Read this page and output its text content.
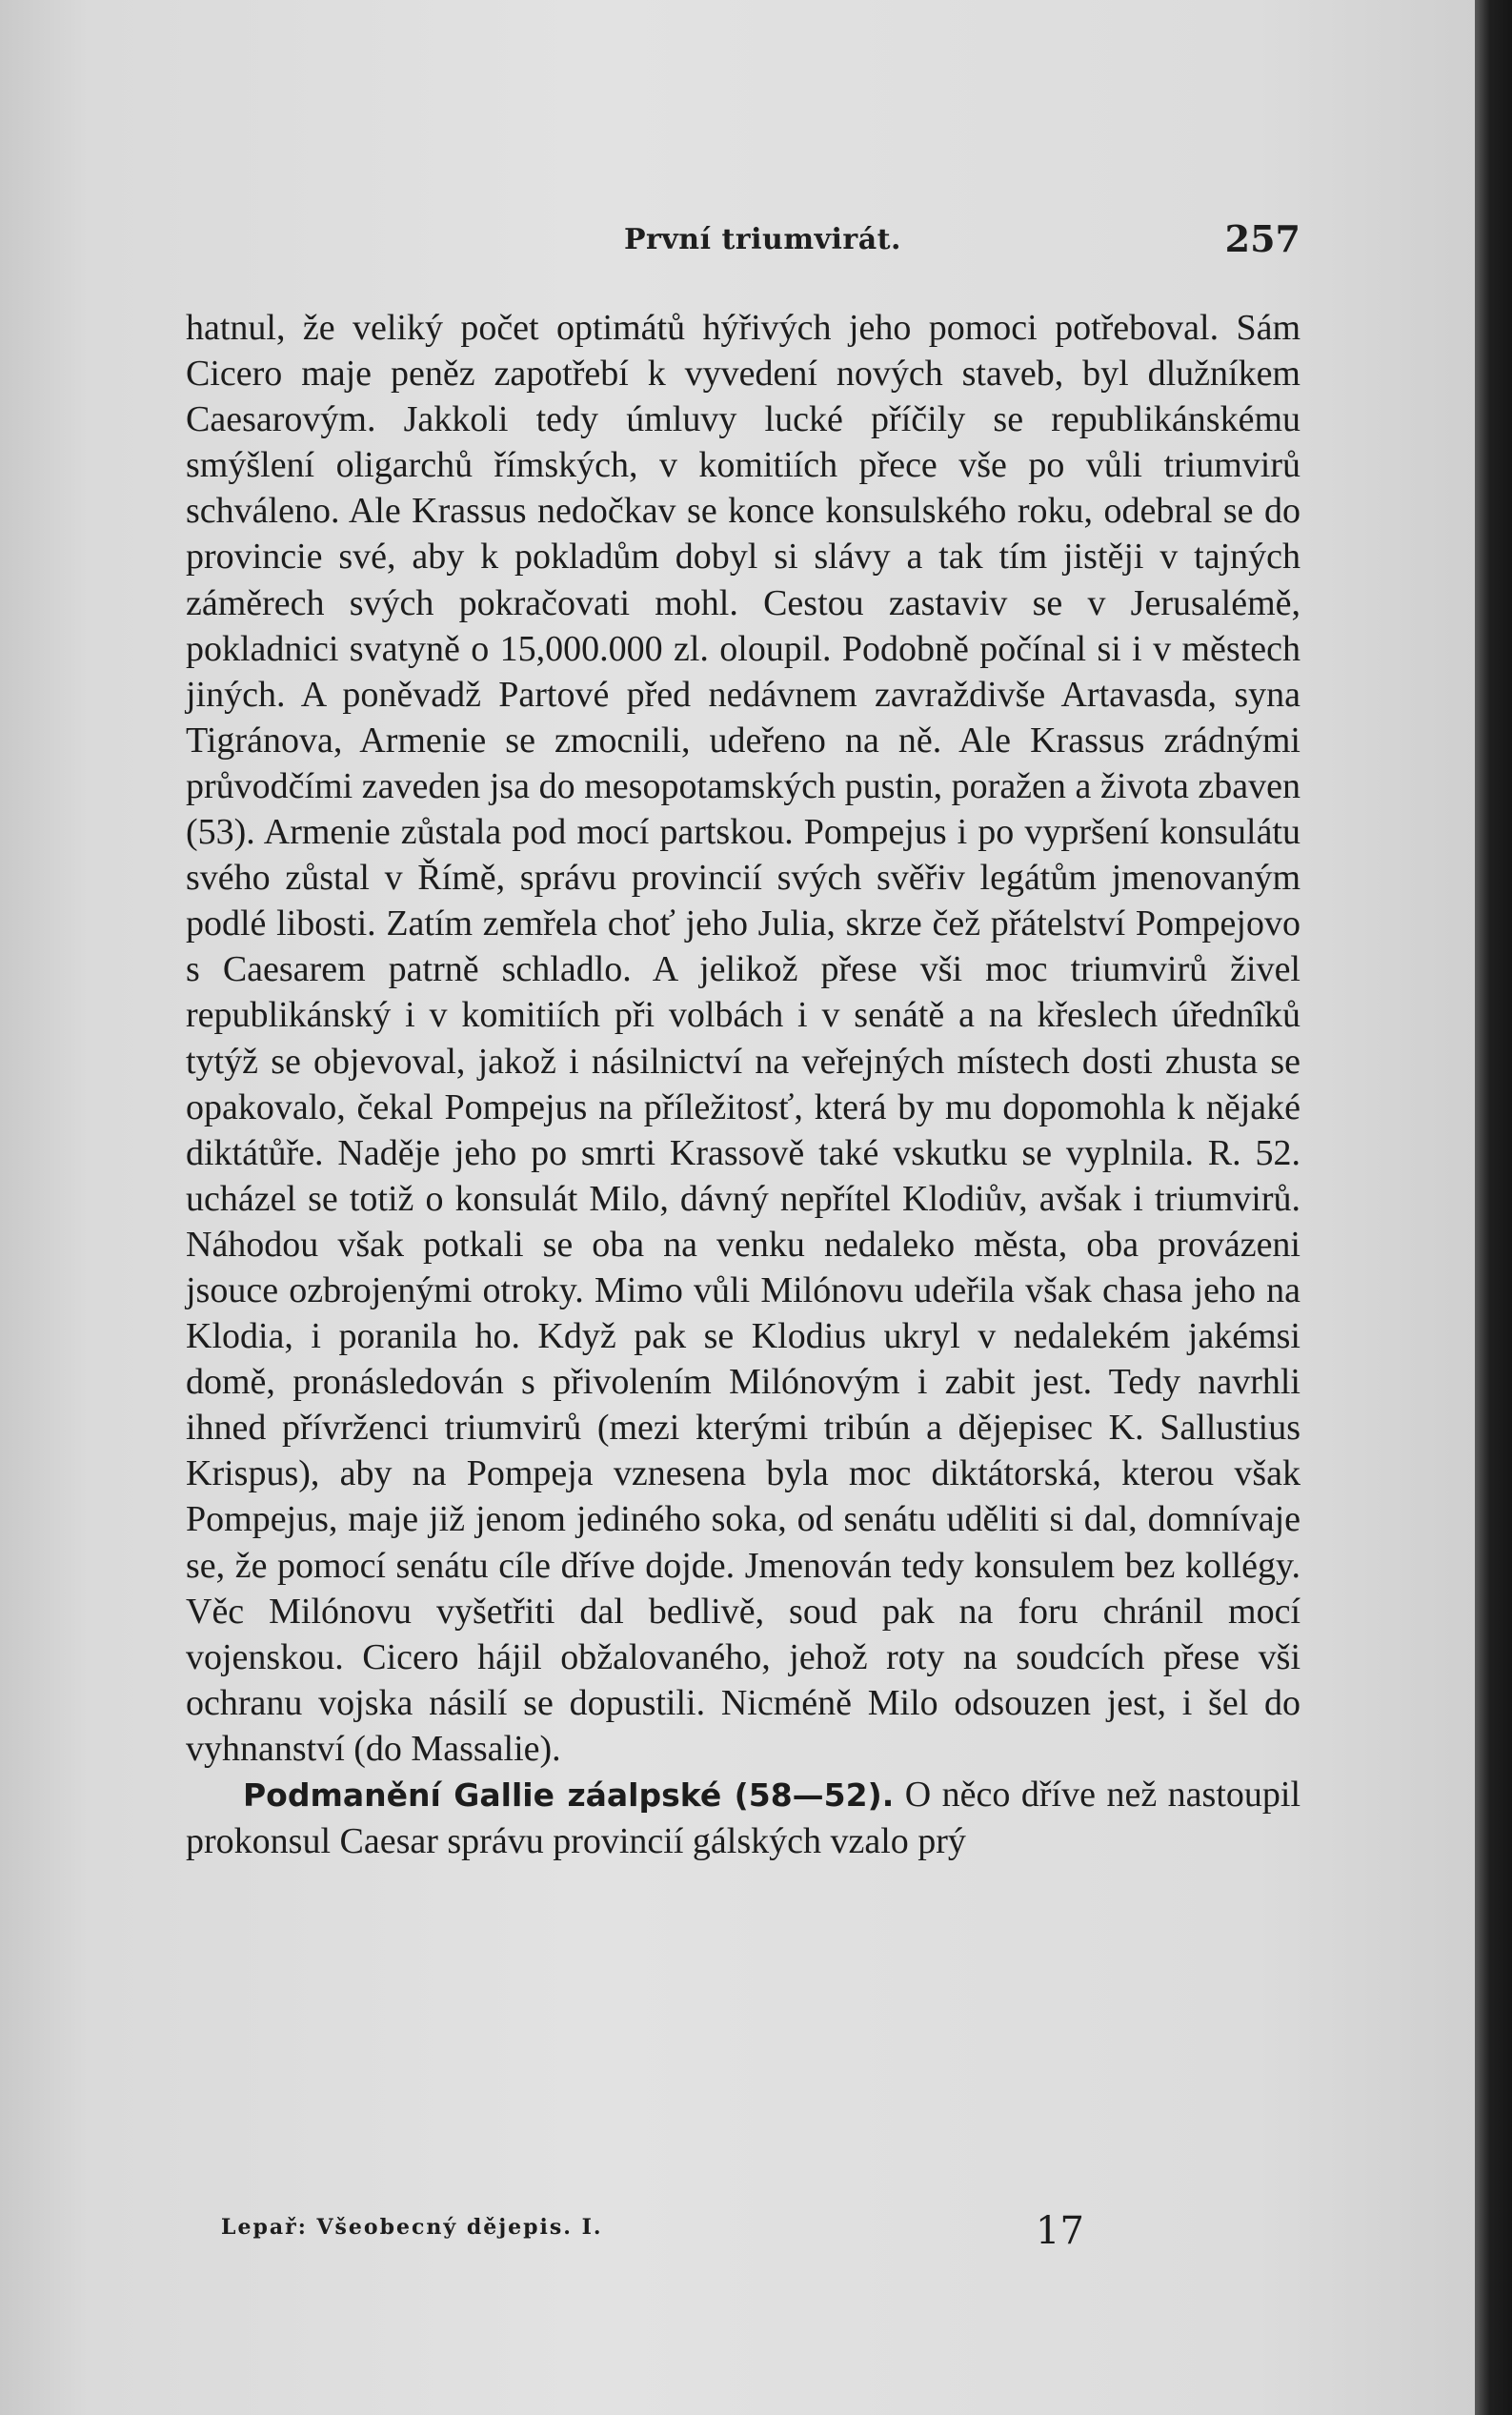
První triumvirát.	257

hatnul, že veliký počet optimátů hýřivých jeho pomoci potřeboval. Sám Cicero maje peněz zapotřebí k vyvedení nových staveb, byl dlužníkem Caesarovým. Jakkoli tedy úmluvy lucké příčily se republikánskému smýšlení oligarchů římských, v komitiích přece vše po vůli triumvirů schváleno. Ale Krassus nedočkav se konce konsulského roku, odebral se do provincie své, aby k pokladům dobyl si slávy a tak tím jistěji v tajných záměrech svých pokračovati mohl. Cestou zastaviv se v Jerusalémě, pokladnici svatyně o 15,000.000 zl. oloupil. Podobně počínal si i v městech jiných. A poněvadž Partové před nedávnem zavraždivše Artavasda, syna Tigránova, Armenie se zmocnili, udeřeno na ně. Ale Krassus zrádnými průvodčími zaveden jsa do mesopotamských pustin, poražen a života zbaven (53). Armenie zůstala pod mocí partskou. Pompejus i po vypršení konsulátu svého zůstal v Římě, správu provincií svých svěřiv legátům jmenovaným podlé libosti. Zatím zemřela choť jeho Julia, skrze čež přátelství Pompejovo s Caesarem patrně schladlo. A jelikož přese vši moc triumvirů živel republikánský i v komitiích při volbách i v senátě a na křeslech úřednîků tytýž se objevoval, jakož i násilnictví na veřejných místech dosti zhusta se opakovalo, čekal Pompejus na příležitosť, která by mu dopomohla k nějaké diktátůře. Naděje jeho po smrti Krassově také vskutku se vyplnila. R. 52. ucházel se totiž o konsulát Milo, dávný nepřítel Klodiův, avšak i triumvirů. Náhodou však potkali se oba na venku nedaleko města, oba provázeni jsouce ozbrojenými otroky. Mimo vůli Milónovu udeřila však chasa jeho na Klodia, i poranila ho. Když pak se Klodius ukryl v nedalekém jakémsi domě, pronásledován s přivolením Milónovým i zabit jest. Tedy navrhli ihned přívrženci triumvirů (mezi kterými tribún a dějepisec K. Sallustius Krispus), aby na Pompeja vznesena byla moc diktátorská, kterou však Pompejus, maje již jenom jediného soka, od senátu uděliti si dal, domnívaje se, že pomocí senátu cíle dříve dojde. Jmenován tedy konsulem bez kollégy. Věc Milónovu vyšetřiti dal bedlivě, soud pak na foru chránil mocí vojenskou. Cicero hájil obžalovaného, jehož roty na soudcích přese vši ochranu vojska násilí se dopustili. Nicméně Milo odsouzen jest, i šel do vyhnanství (do Massalie).

Podmanění Gallie záalpské (58—52). O něco dříve než nastoupil prokonsul Caesar správu provincií gálských vzalo prý

Lepař: Všeobecný dějepis. I.	17
